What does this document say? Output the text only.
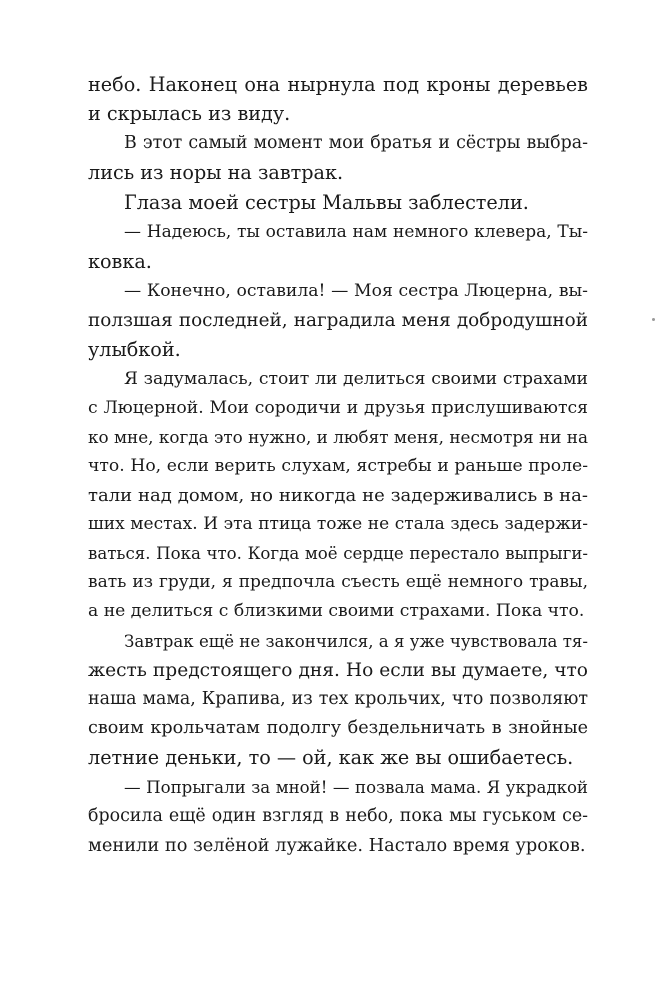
небо. Наконец она нырнула под кроны деревьев
и скрылась из виду.
В этот самый момент мои братья и сёстры выбра-
лись из норы на завтрак.
Глаза моей сестры Мальвы заблестели.
— Надеюсь, ты оставила нам немного клевера, Ты-
ковка.
— Конечно, оставила! — Моя сестра Люцерна, вы-
ползшая последней, наградила меня добродушной
улыбкой.
Я задумалась, стоит ли делиться своими страхами
с Люцерной. Мои сородичи и друзья прислушиваются
ко мне, когда это нужно, и любят меня, несмотря ни на
что. Но, если верить слухам, ястребы и раньше проле-
тали над домом, но никогда не задерживались в на-
ших местах. И эта птица тоже не стала здесь задержи-
ваться. Пока что. Когда моё сердце перестало выпрыги-
вать из груди, я предпочла съесть ещё немного травы,
а не делиться с близкими своими страхами. Пока что.
Завтрак ещё не закончился, а я уже чувствовала тя-
жесть предстоящего дня. Но если вы думаете, что
наша мама, Крапива, из тех крольчих, что позволяют
своим крольчатам подолгу бездельничать в знойные
летние деньки, то — ой, как же вы ошибаетесь.
— Попрыгали за мной! — позвала мама. Я украдкой
бросила ещё один взгляд в небо, пока мы гуськом се-
менили по зелёной лужайке. Настало время уроков.
